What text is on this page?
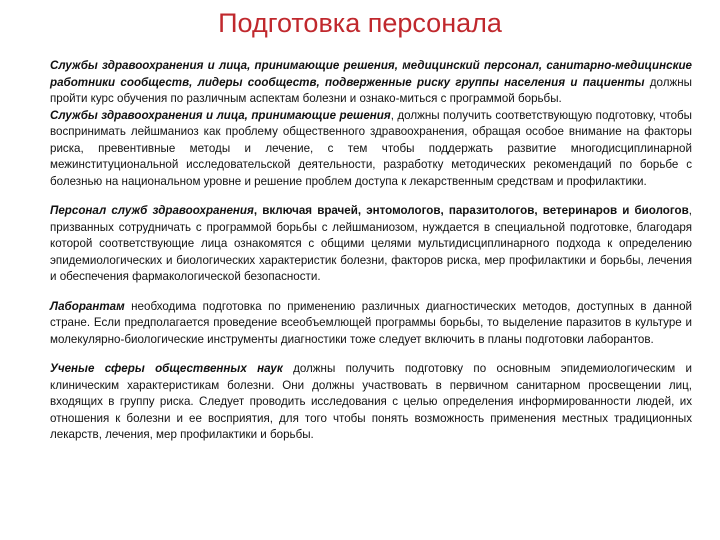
Подготовка персонала

Службы здравоохранения и лица, принимающие решения, медицинский персонал, санитарно-медицинские работники сообществ, лидеры сообществ, подверженные риску группы населения и пациенты должны пройти курс обучения по различным аспектам болезни и ознако-миться с программой борьбы.

Службы здравоохранения и лица, принимающие решения, должны получить соответствующую подготовку, чтобы воспринимать лейшманиоз как проблему общественного здравоохранения, обращая особое внимание на факторы риска, превентивные методы и лечение, с тем чтобы поддержать развитие многодисциплинарной межинституциональной исследовательской деятельности, разработку методических рекомендаций по борьбе с болезнью на национальном уровне и решение проблем доступа к лекарственным средствам и профилактики.

Персонал служб здравоохранения, включая врачей, энтомологов, паразитологов, ветеринаров и биологов, призванных сотрудничать с программой борьбы с лейшманиозом, нуждается в специальной подготовке, благодаря которой соответствующие лица ознакомятся с общими целями мультидисциплинарного подхода к определению эпидемиологических и биологических характеристик болезни, факторов риска, мер профилактики и борьбы, лечения и обеспечения фармакологической безопасности.

Лаборантам необходима подготовка по применению различных диагностических методов, доступных в данной стране. Если предполагается проведение всеобъемлющей программы борьбы, то выделение паразитов в культуре и молекулярно-биологические инструменты диагностики тоже следует включить в планы подготовки лаборантов.

Ученые сферы общественных наук должны получить подготовку по основным эпидемиологическим и клиническим характеристикам болезни. Они должны участвовать в первичном санитарном просвещении лиц, входящих в группу риска. Следует проводить исследования с целью определения информированности людей, их отношения к болезни и ее восприятия, для того чтобы понять возможность применения местных традиционных лекарств, лечения, мер профилактики и борьбы.
